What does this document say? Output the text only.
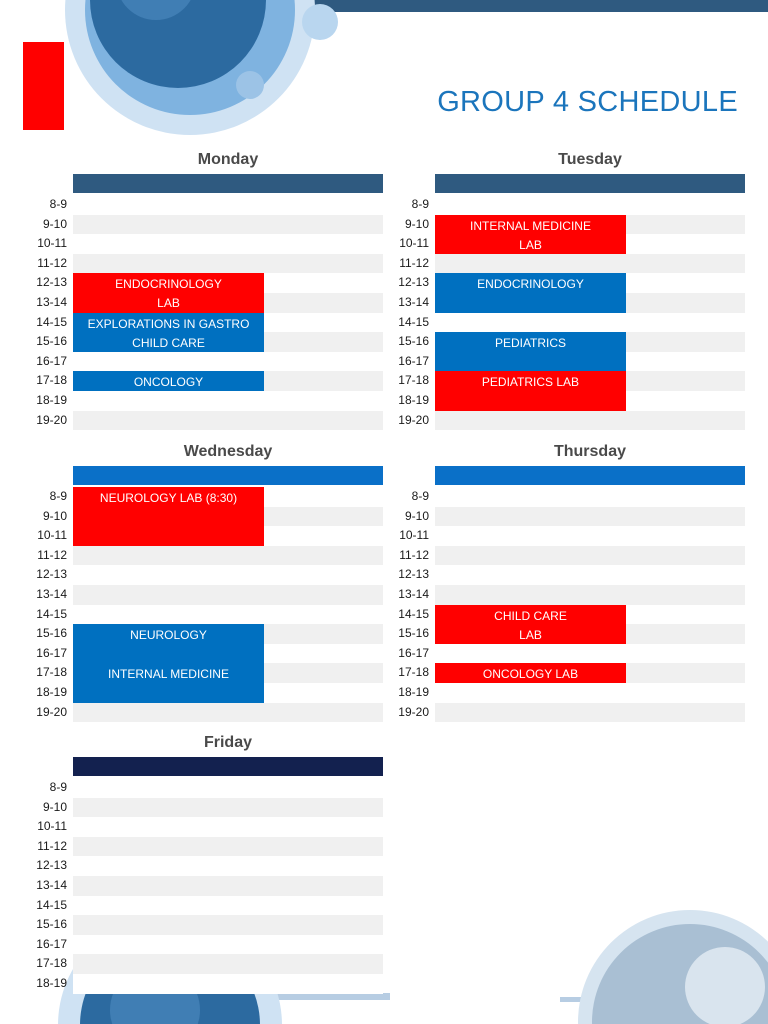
GROUP 4 SCHEDULE
Monday
8-9
9-10
10-11
11-12
12-13
13-14
14-15
15-16
16-17
17-18
18-19
19-20
ENDOCRINOLOGY
LAB
EXPLORATIONS IN GASTRO
CHILD CARE
ONCOLOGY
Tuesday
8-9
9-10
10-11
11-12
12-13
13-14
14-15
15-16
16-17
17-18
18-19
19-20
INTERNAL MEDICINE
LAB
ENDOCRINOLOGY
PEDIATRICS
PEDIATRICS LAB
Wednesday
8-9
9-10
10-11
11-12
12-13
13-14
14-15
15-16
16-17
17-18
18-19
19-20
NEUROLOGY LAB (8:30)
NEUROLOGY
INTERNAL MEDICINE
Thursday
8-9
9-10
10-11
11-12
12-13
13-14
14-15
15-16
16-17
17-18
18-19
19-20
CHILD CARE
LAB
ONCOLOGY LAB
Friday
8-9
9-10
10-11
11-12
12-13
13-14
14-15
15-16
16-17
17-18
18-19
